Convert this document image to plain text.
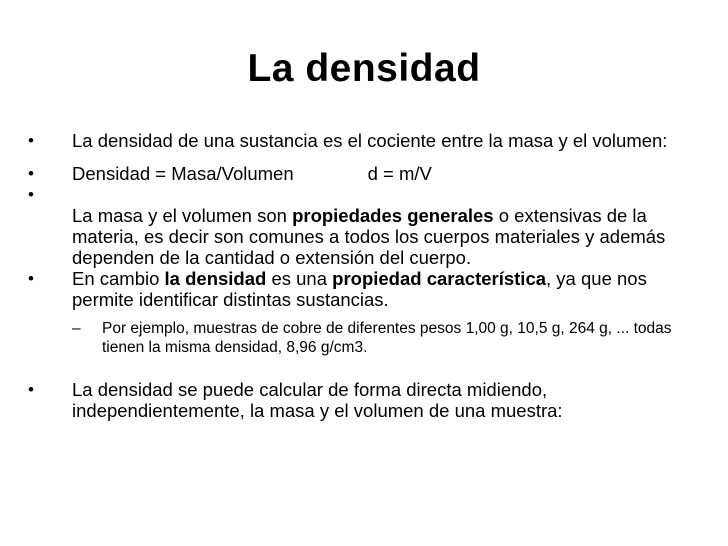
La densidad
• La densidad de una sustancia es el cociente entre la masa y el volumen:
• Densidad = Masa/Volumen	d = m/V
•
La masa y el volumen son propiedades generales o extensivas de la materia, es decir son comunes a todos los cuerpos materiales y además dependen de la cantidad o extensión del cuerpo.
• En cambio la densidad es una propiedad característica, ya que nos permite identificar distintas sustancias.
– Por ejemplo, muestras de cobre de diferentes pesos 1,00 g, 10,5 g, 264 g, ... todas tienen la misma densidad, 8,96 g/cm3.
• La densidad se puede calcular de forma directa midiendo, independientemente, la masa y el volumen de una muestra:
